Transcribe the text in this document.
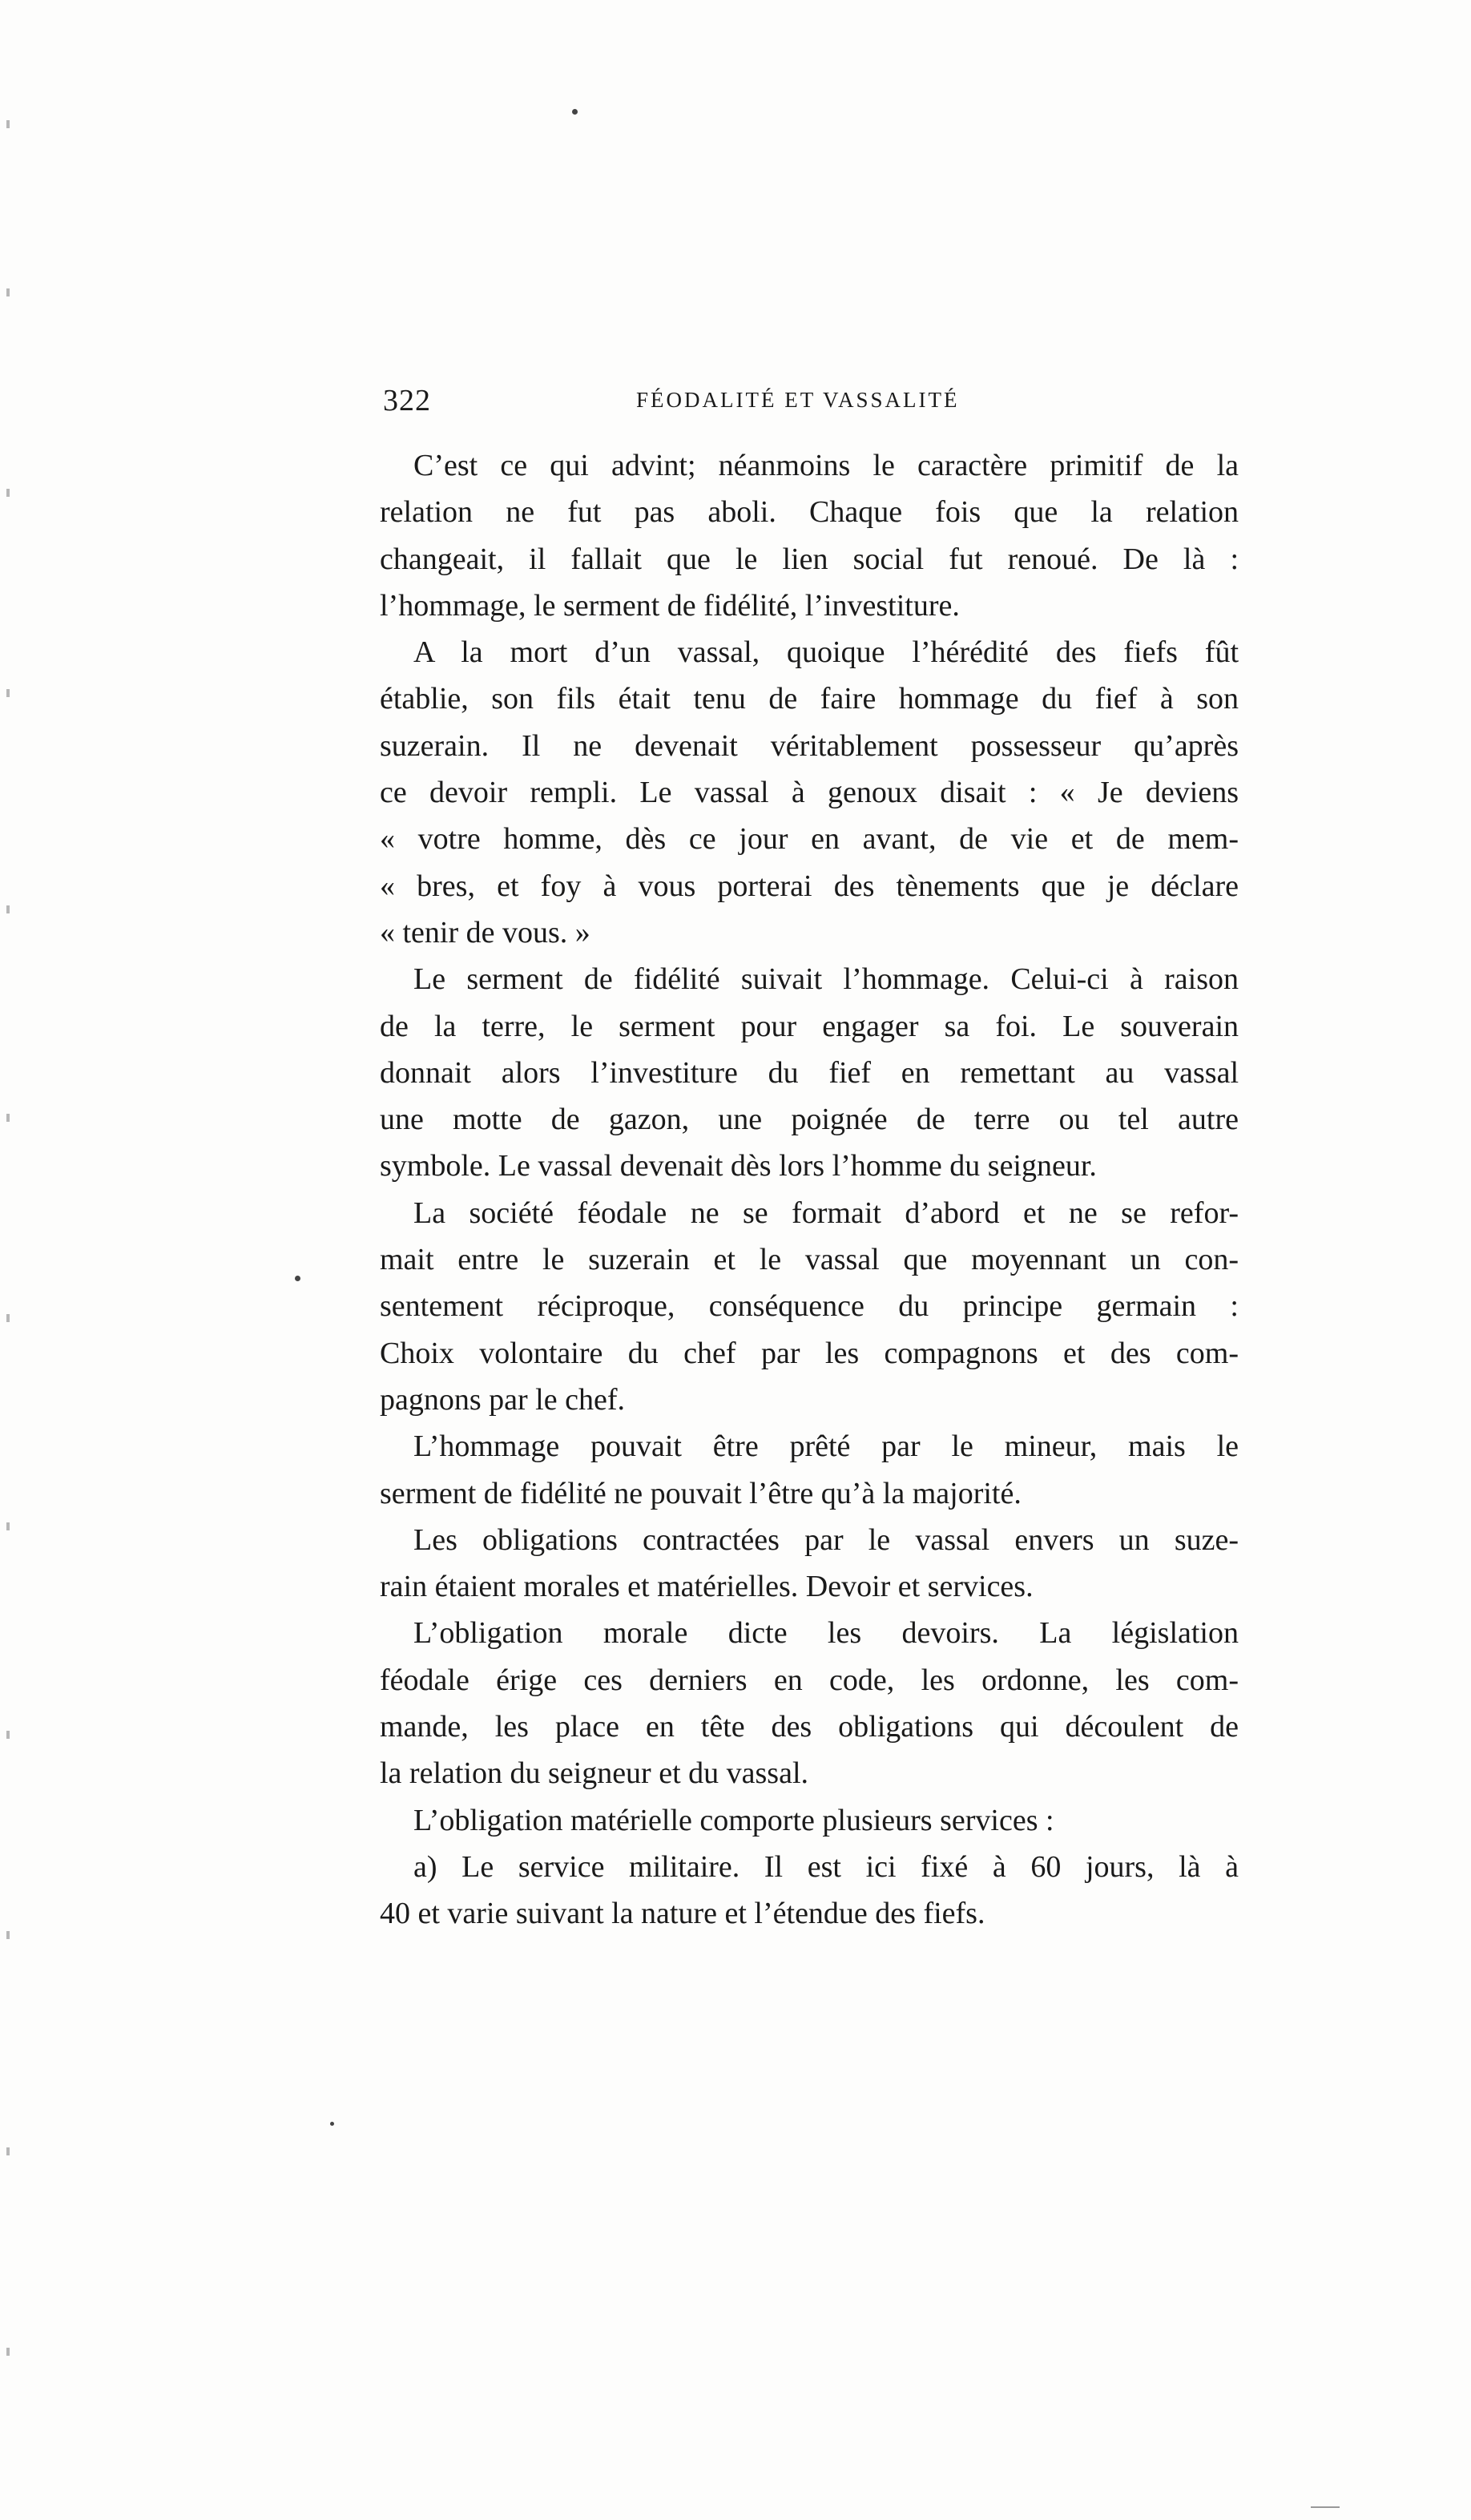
322	FÉODALITÉ ET VASSALITÉ
C’est ce qui advint; néanmoins le caractère primitif de la
relation ne fut pas aboli. Chaque fois que la relation
changeait, il fallait que le lien social fut renoué. De là :
l’hommage, le serment de fidélité, l’investiture.
A la mort d’un vassal, quoique l’hérédité des fiefs fût
établie, son fils était tenu de faire hommage du fief à son
suzerain. Il ne devenait véritablement possesseur qu’après
ce devoir rempli. Le vassal à genoux disait : « Je deviens
« votre homme, dès ce jour en avant, de vie et de mem-
« bres, et foy à vous porterai des tènements que je déclare
« tenir de vous. »
Le serment de fidélité suivait l’hommage. Celui-ci à raison
de la terre, le serment pour engager sa foi. Le souverain
donnait alors l’investiture du fief en remettant au vassal
une motte de gazon, une poignée de terre ou tel autre
symbole. Le vassal devenait dès lors l’homme du seigneur.
La société féodale ne se formait d’abord et ne se refor-
mait entre le suzerain et le vassal que moyennant un con-
sentement réciproque, conséquence du principe germain :
Choix volontaire du chef par les compagnons et des com-
pagnons par le chef.
L’hommage pouvait être prêté par le mineur, mais le
serment de fidélité ne pouvait l’être qu’à la majorité.
Les obligations contractées par le vassal envers un suze-
rain étaient morales et matérielles. Devoir et services.
L’obligation morale dicte les devoirs. La législation
féodale érige ces derniers en code, les ordonne, les com-
mande, les place en tête des obligations qui découlent de
la relation du seigneur et du vassal.
L’obligation matérielle comporte plusieurs services :
a) Le service militaire. Il est ici fixé à 60 jours, là à
40 et varie suivant la nature et l’étendue des fiefs.
